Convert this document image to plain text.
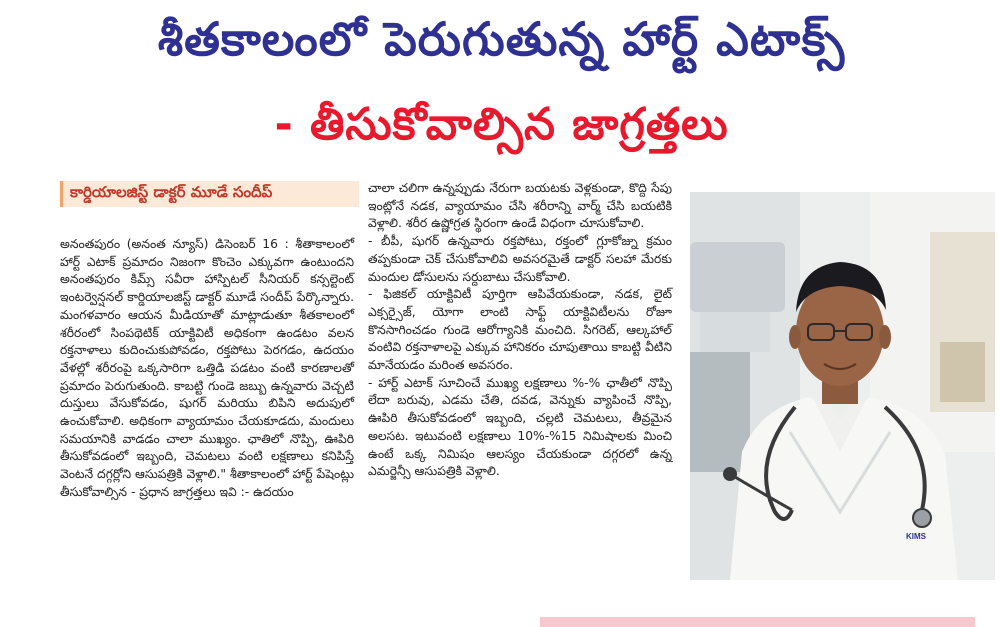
శీతకాలంలో పెరుగుతున్న హార్ట్ ఎటాక్స్
- తీసుకోవాల్సిన జాగ్రత్తలు
కార్డియాలజిస్ట్ డాక్టర్ మూడే సందీప్

అనంతపురం (అనంత న్యూస్) డిసెంబర్ 16 : శీతాకాలంలో హార్ట్ ఎటాక్ ప్రమాదం నిజంగా కొంచెం ఎక్కువగా ఉంటుందని అనంతపురం కిమ్స్ సవీరా హాస్పిటల్ సీనియర్ కన్సల్టెంట్ ఇంటర్వెన్షనల్ కార్డియాలజిస్ట్ డాక్టర్ మూడే సందీప్ పేర్కొన్నారు. మంగళవారం ఆయన మీడియాతో మాట్లాడుతూ శీతకాలంలో శరీరంలో సింపథెటిక్ యాక్టివిటీ అధికంగా ఉండటం వలన రక్తనాళాలు కుదించుకుపోవడం, రక్తపోటు పెరగడం, ఉదయం వేళల్లో శరీరంపై ఒక్కసారిగా ఒత్తిడి పడటం వంటి కారణాలతో ప్రమాదం పెరుగుతుంది. కాబట్టి గుండె జబ్బు ఉన్నవారు వెచ్చటి దుస్తులు వేసుకోవడం, షుగర్ మరియు బిపిని అదుపులో ఉంచుకోవాలి. అధికంగా వ్యాయామం చేయకూడదు, మందులు సమయానికి వాడడం చాలా ముఖ్యం. ఛాతిలో నొప్పి, ఊపిరి తీసుకోవడంలో ఇబ్బంది, చెమటలు వంటి లక్షణాలు కనిపిస్తే వెంటనే దగ్గర్లోని ఆసుపత్రికి వెళ్లాలి." శీతాకాలంలో హార్ట్ పేషెంట్లు తీసుకోవాల్సిన - ప్రధాన జాగ్రత్తలు ఇవి :- ఉదయం

చాలా చలిగా ఉన్నప్పుడు నేరుగా బయటకు వెళ్లకుండా, కొద్ది సేపు ఇంట్లోనే నడక, వ్యాయామం చేసి శరీరాన్ని వార్మ్ చేసి బయటికి వెళ్లాలి. శరీర ఉష్ణోగ్రత స్థిరంగా ఉండే విధంగా చూసుకోవాలి.

- బీపీ, షుగర్ ఉన్నవారు రక్తపోటు, రక్తంలో గ్లూకోజ్ను క్రమం తప్పకుండా చెక్ చేసుకోవాలివి అవసరమైతే డాక్టర్ సలహా మేరకు మందుల డోసులను సర్దుబాటు చేసుకోవాలి.

- ఫిజికల్ యాక్టివిటీ పూర్తిగా ఆపివేయకుండా, నడక, లైట్ ఎక్సర్సైజ్, యోగా లాంటి సాఫ్ట్ యాక్టివిటీలను రోజూ కొనసాగించడం గుండె ఆరోగ్యానికి మంచిది. సిగరెట్, ఆల్కహాల్ వంటివి రక్తనాళాలపై ఎక్కువ హానికరం చూపుతాయి కాబట్టి వీటిని మానేయడం మరింత అవసరం.

- హార్ట్ ఎటాక్ సూచించే ముఖ్య లక్షణాలు %-% ఛాతీలో నొప్పి లేదా బరువు, ఎడమ చేతి, దవడ, వెన్నుకు వ్యాపించే నొప్పి, ఊపిరి తీసుకోవడంలో ఇబ్బంది, చల్లటి చెమటలు, తీవ్రమైన అలసట. ఇటువంటి లక్షణాలు 10%-%15 నిమిషాలకు మించి ఉంటే ఒక్క నిమిషం ఆలస్యం చేయకుండా దగ్గరలో ఉన్న ఎమర్జెన్సీ ఆసుపత్రికి వెళ్లాలి.

KIMS
